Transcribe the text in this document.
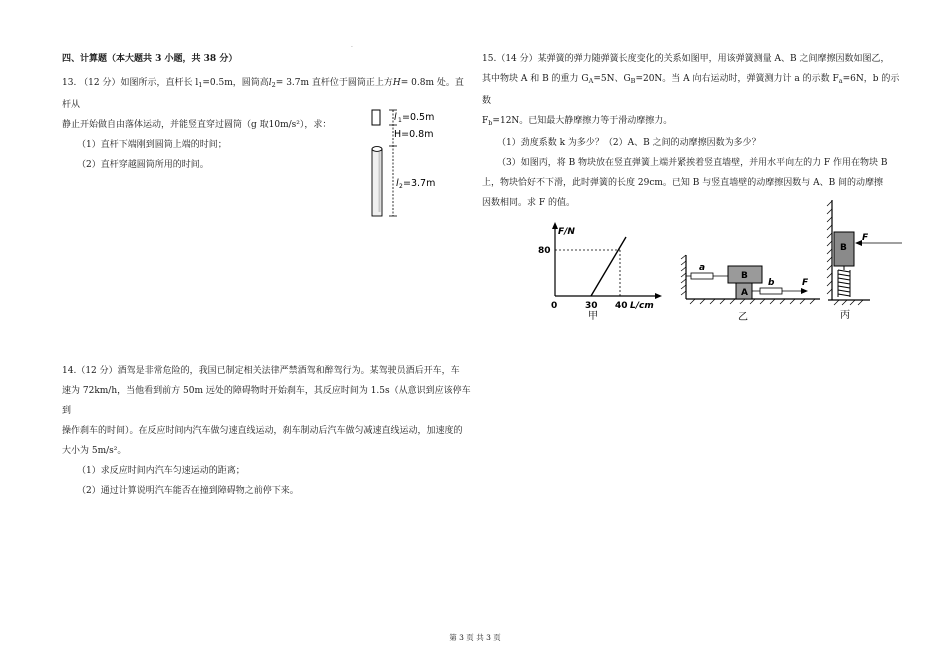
·

四、计算题（本大题共 3 小题，共 38 分）

13. （12 分）如图所示，直杆长 $l_1=0.5m$，圆筒高$l_2= 3.7m$ 直杆位于圆筒正上方H= 0.8m 处。直杆从

静止开始做自由落体运动，并能竖直穿过圆筒（g 取10m/s²），求：

（1）直杆下端刚到圆筒上端的时间；

（2）直杆穿越圆筒所用的时间。

14.（12 分）酒驾是非常危险的，我国已制定相关法律严禁酒驾和醉驾行为。某驾驶员酒后开车，车

速为 72km/h，当他看到前方 50m 远处的障碍物时开始刹车，其反应时间为 1.5s（从意识到应该停车到

操作刹车的时间）。在反应时间内汽车做匀速直线运动，刹车制动后汽车做匀减速直线运动，加速度的

大小为 5m/s²。

（1）求反应时间内汽车匀速运动的距离；

（2）通过计算说明汽车能否在撞到障碍物之前停下来。

l 1 =0.5m
H=0.8m
l 2 =3.7m

15.（14 分）某弹簧的弹力随弹簧长度变化的关系如图甲，用该弹簧测量 A、B 之间摩擦因数如图乙，

其中物块 A 和 B 的重力 $G_A=5N$、$G_B=20N$。当 A 向右运动时，弹簧测力计 a 的示数 $F_a=6N$，b 的示数

$F_b=12N$。已知最大静摩擦力等于滑动摩擦力。

（1）劲度系数 k 为多少？（2）A、B 之间的动摩擦因数为多少？

（3）如图丙，将 B 物块放在竖直弹簧上端并紧挨着竖直墙壁，并用水平向左的力 F 作用在物块 B

上，物块恰好不下滑，此时弹簧的长度 29cm。已知 B 与竖直墙壁的动摩擦因数与 A、B 间的动摩擦

因数相同。求 F 的值。

F/N
80
0	30 40 L/cm
甲
a
B
A
b	F
乙
B
F
丙
第 3 页 共 3 页
